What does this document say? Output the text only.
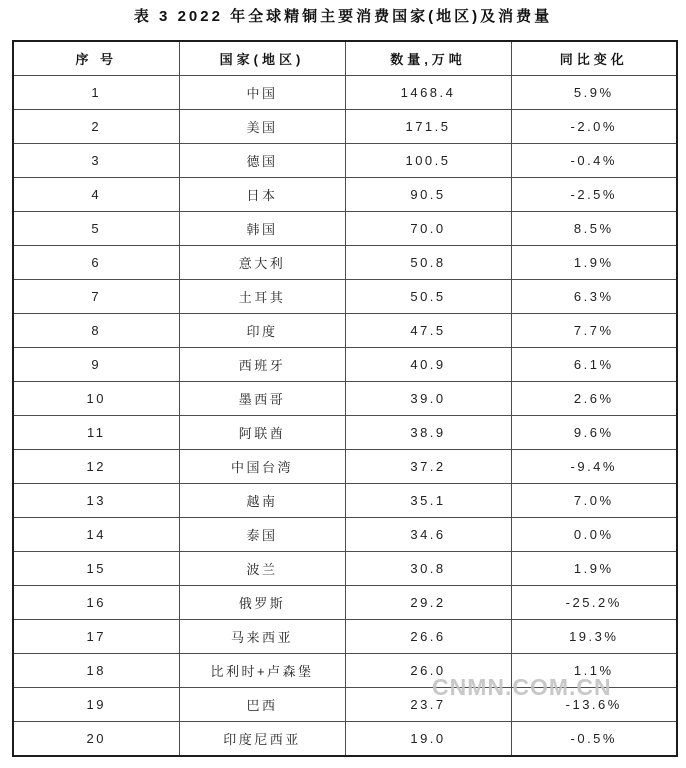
表 3 2022 年全球精铜主要消费国家(地区)及消费量
序 号	国家(地区)	数量,万吨	同比变化
1	中国	1468.4	5.9%
2	美国	171.5	-2.0%
3	德国	100.5	-0.4%
4	日本	90.5	-2.5%
5	韩国	70.0	8.5%
6	意大利	50.8	1.9%
7	土耳其	50.5	6.3%
8	印度	47.5	7.7%
9	西班牙	40.9	6.1%
10	墨西哥	39.0	2.6%
11	阿联酋	38.9	9.6%
12	中国台湾	37.2	-9.4%
13	越南	35.1	7.0%
14	泰国	34.6	0.0%
15	波兰	30.8	1.9%
16	俄罗斯	29.2	-25.2%
17	马来西亚	26.6	19.3%
18	比利时+卢森堡	26.0	1.1%
19	巴西	23.7	-13.6%
20	印度尼西亚	19.0	-0.5%
CNMN.COM.CN
